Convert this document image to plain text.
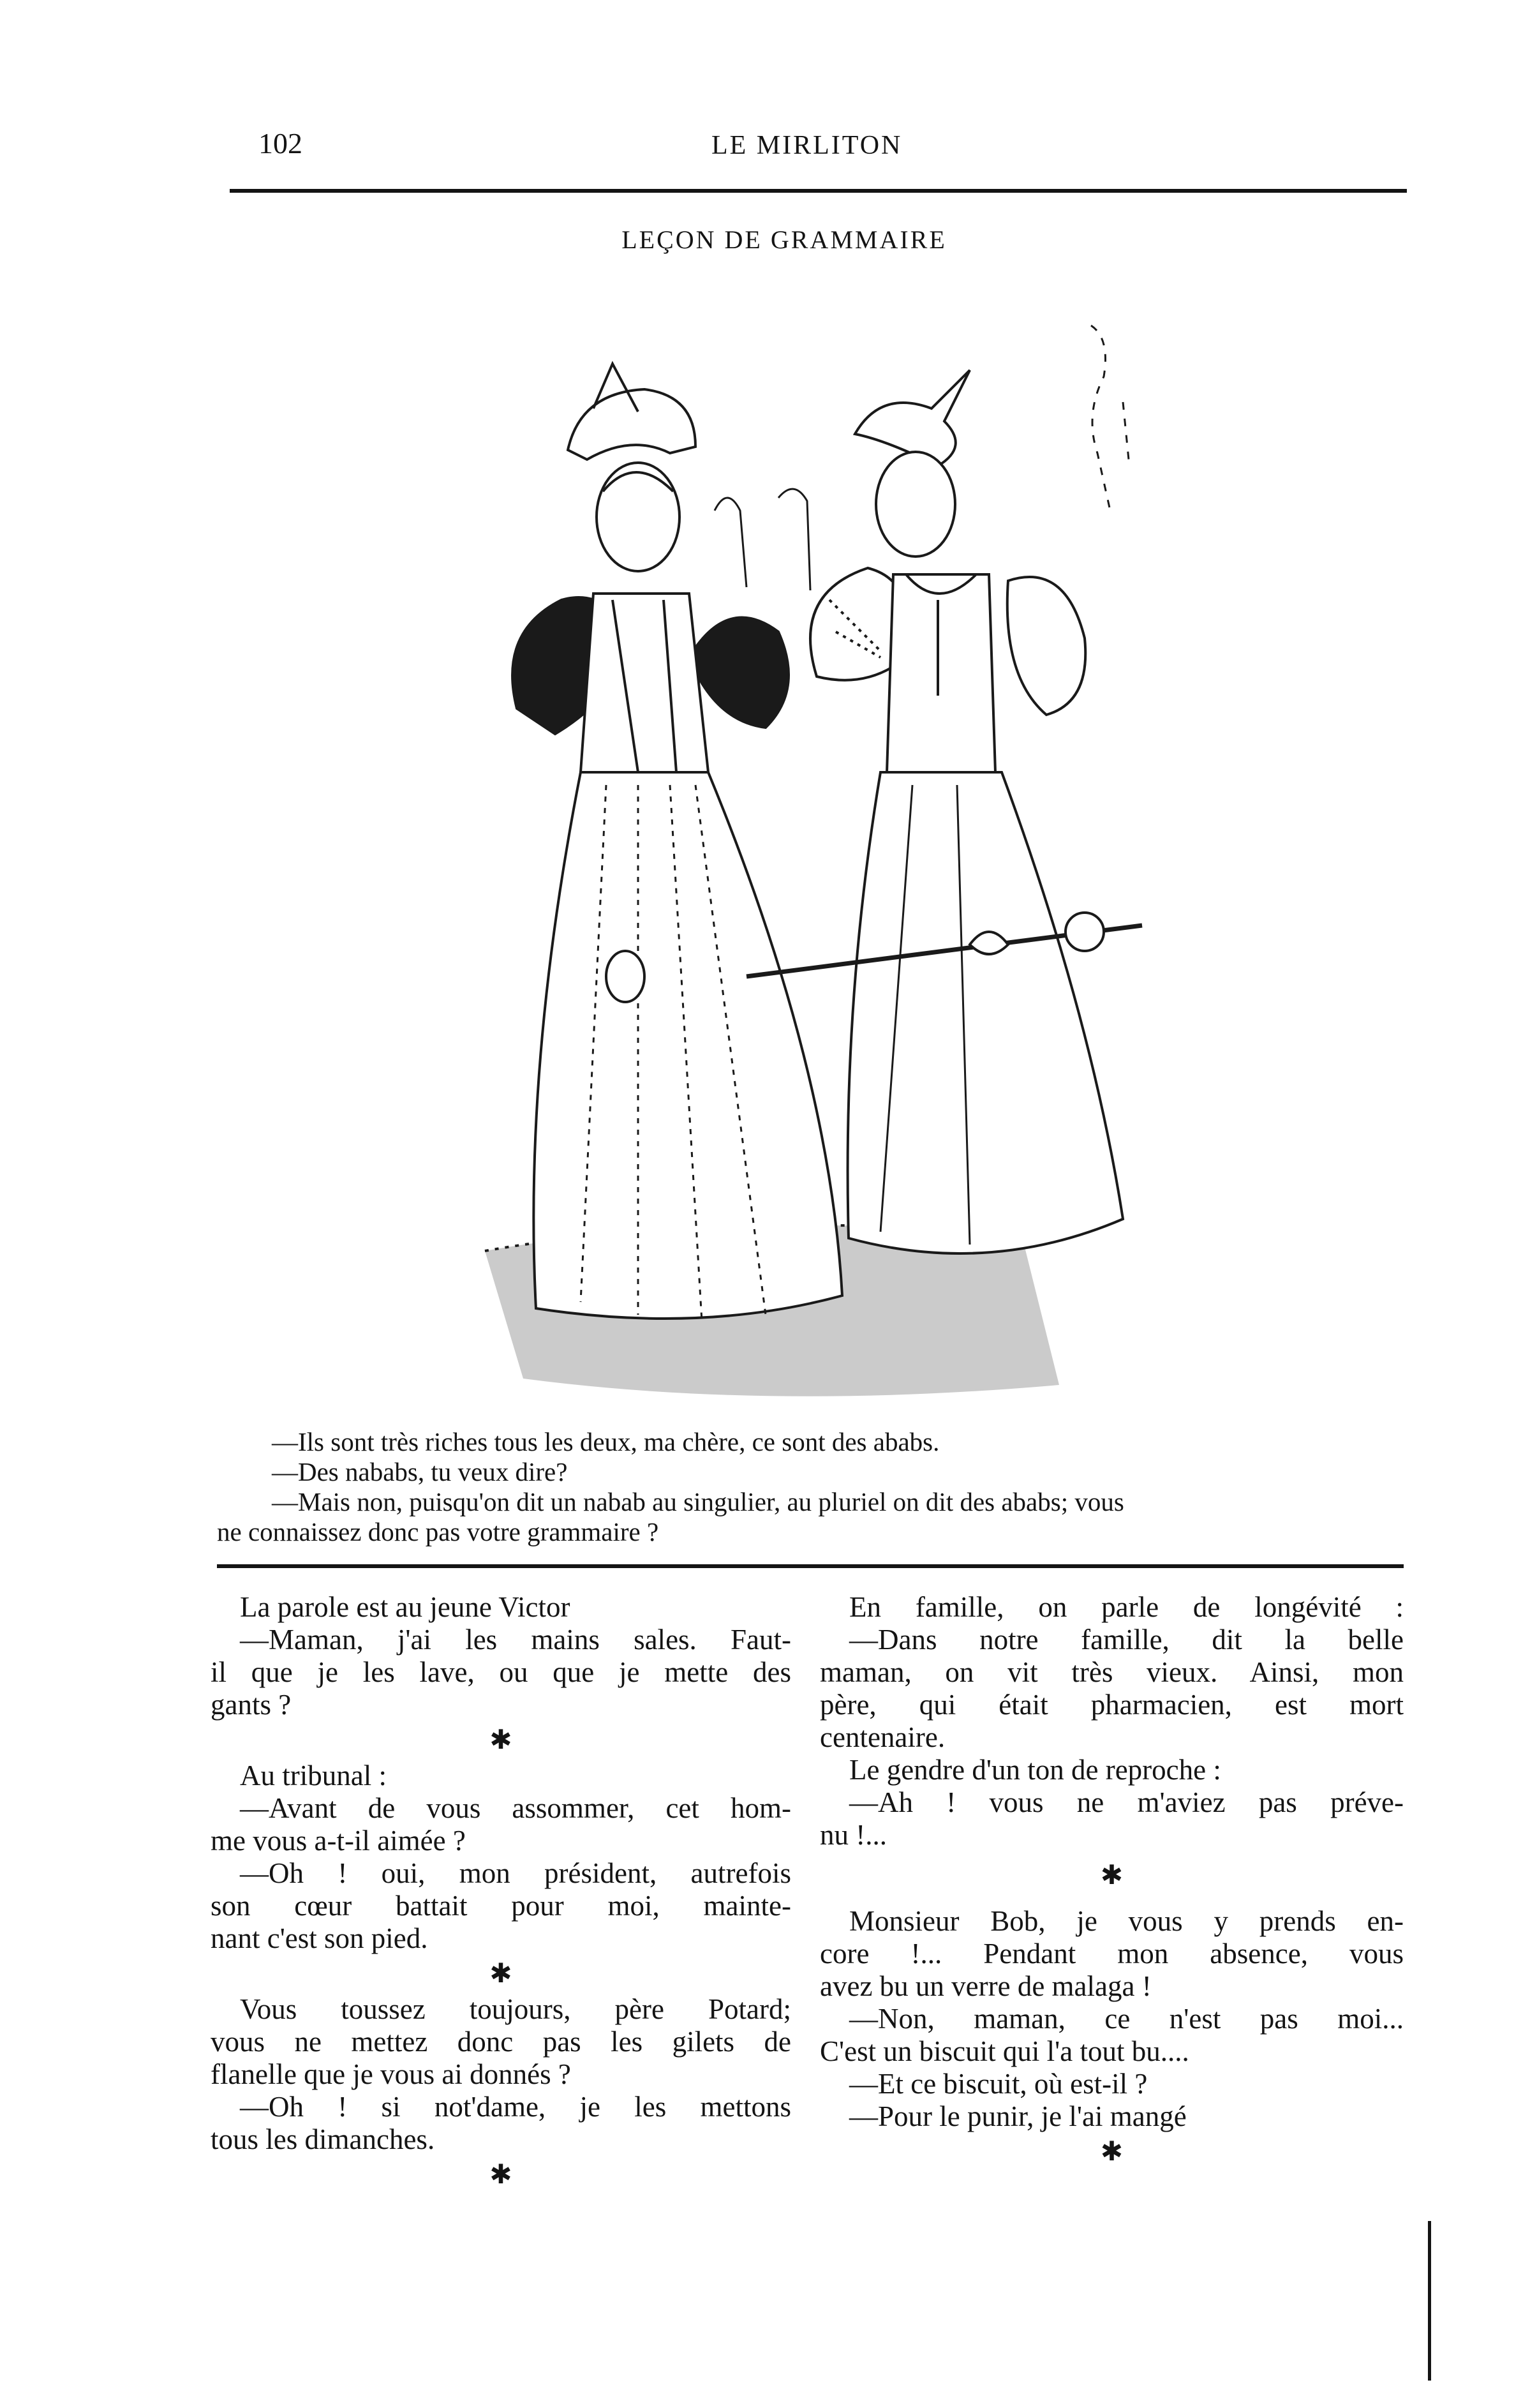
102	LE MIRLITON
LEÇON DE GRAMMAIRE
—Ils sont très riches tous les deux, ma chère, ce sont des ababs.
—Des nababs, tu veux dire?
—Mais non, puisqu'on dit un nabab au singulier, au pluriel on dit des ababs; vous
ne connaissez donc pas votre grammaire ?

La parole est au jeune Victor

—Maman, j'ai les mains sales. Faut-

il que je les lave, ou que je mette des

gants ?

✱

Au tribunal :

—Avant de vous assommer, cet hom-

me vous a-t-il aimée ?

—Oh ! oui, mon président, autrefois

son cœur battait pour moi, mainte-

nant c'est son pied.

✱

Vous toussez toujours, père Potard;

vous ne mettez donc pas les gilets de

flanelle que je vous ai donnés ?

—Oh ! si not'dame, je les mettons

tous les dimanches.

✱

En famille, on parle de longévité :

—Dans notre famille, dit la belle

maman, on vit très vieux. Ainsi, mon

père, qui était pharmacien, est mort

centenaire.

Le gendre d'un ton de reproche :

—Ah ! vous ne m'aviez pas préve-

nu !...

✱

Monsieur Bob, je vous y prends en-

core !... Pendant mon absence, vous

avez bu un verre de malaga !

—Non, maman, ce n'est pas moi...

C'est un biscuit qui l'a tout bu....

—Et ce biscuit, où est-il ?

—Pour le punir, je l'ai mangé

✱
